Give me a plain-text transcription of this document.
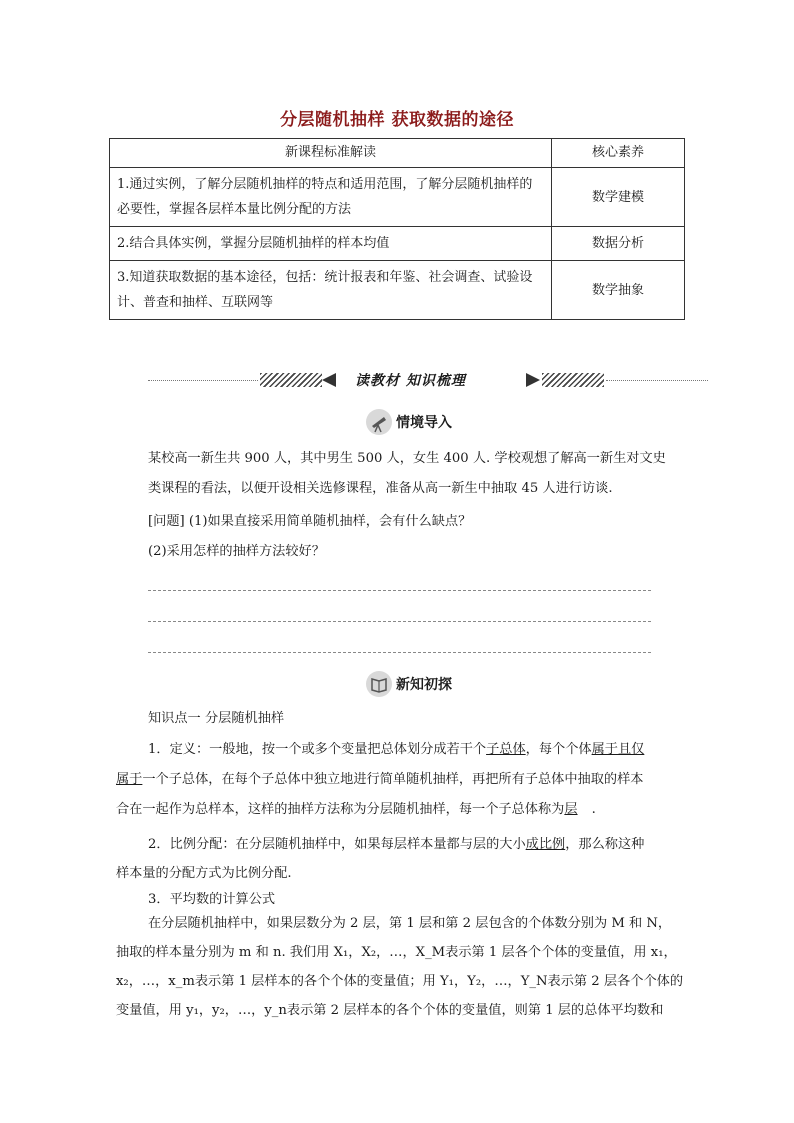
分层随机抽样 获取数据的途径
新课程标准解读	核心素养
1.通过实例，了解分层随机抽样的特点和适用范围，了解分层随机抽样的必要性，掌握各层样本量比例分配的方法	数学建模
2.结合具体实例，掌握分层随机抽样的样本均值	数据分析
3.知道获取数据的基本途径，包括：统计报表和年鉴、社会调查、试验设计、普查和抽样、互联网等	数学抽象
读教材 知识梳理
情境导入
某校高一新生共 900 人，其中男生 500 人，女生 400 人. 学校观想了解高一新生对文史
类课程的看法，以便开设相关选修课程，准备从高一新生中抽取 45 人进行访谈.
[问题] (1)如果直接采用简单随机抽样，会有什么缺点？
(2)采用怎样的抽样方法较好？
新知初探
知识点一 分层随机抽样
1．定义：一般地，按一个或多个变量把总体划分成若干个子总体，每个个体属于且仅
属于一个子总体，在每个子总体中独立地进行简单随机抽样，再把所有子总体中抽取的样本
合在一起作为总样本，这样的抽样方法称为分层随机抽样，每一个子总体称为层 .
2．比例分配：在分层随机抽样中，如果每层样本量都与层的大小成比例，那么称这种
样本量的分配方式为比例分配.
3．平均数的计算公式
在分层随机抽样中，如果层数分为 2 层，第 1 层和第 2 层包含的个体数分别为 M 和 N，
抽取的样本量分别为 m 和 n. 我们用 X₁，X₂，…，X_M表示第 1 层各个个体的变量值，用 x₁，
x₂，…，x_m表示第 1 层样本的各个个体的变量值；用 Y₁，Y₂，…，Y_N表示第 2 层各个个体的
变量值，用 y₁，y₂，…，y_n表示第 2 层样本的各个个体的变量值，则第 1 层的总体平均数和
